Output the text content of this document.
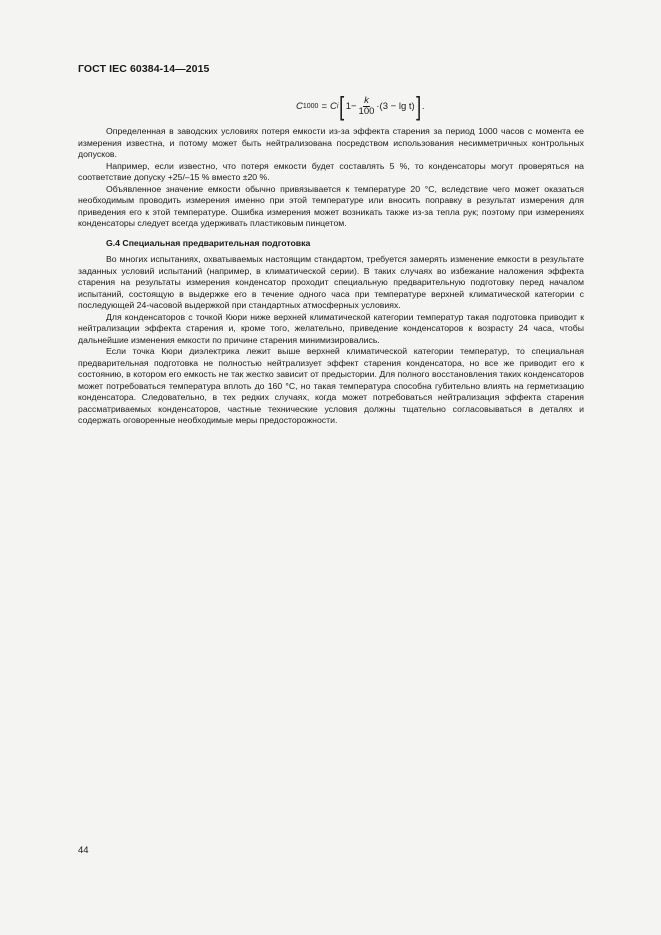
ГОСТ IEC 60384-14—2015
C 1000 = C i [ $1- \frac{k}{100} \cdot(3 - \lg t)$ ] .

Определенная в заводских условиях потеря емкости из-за эффекта старения за период 1000 часов с момента ее измерения известна, и потому может быть нейтрализована посредством использования несимметричных контрольных допусков.

Например, если известно, что потеря емкости будет составлять 5 %, то конденсаторы могут проверяться на соответствие допуску +25/–15 % вместо ±20 %.

Объявленное значение емкости обычно привязывается к температуре 20 °С, вследствие чего может оказаться необходимым проводить измерения именно при этой температуре или вносить поправку в результат измерения для приведения его к этой температуре. Ошибка измерения может возникать также из-за тепла рук; поэтому при измерениях конденсаторы следует всегда удерживать пластиковым пинцетом.

G.4 Специальная предварительная подготовка

Во многих испытаниях, охватываемых настоящим стандартом, требуется замерять изменение емкости в результате заданных условий испытаний (например, в климатической серии). В таких случаях во избежание наложения эффекта старения на результаты измерения конденсатор проходит специальную предварительную подготовку перед началом испытаний, состоящую в выдержке его в течение одного часа при температуре верхней климатической категории с последующей 24-часовой выдержкой при стандартных атмосферных условиях.

Для конденсаторов с точкой Кюри ниже верхней климатической категории температур такая подготовка приводит к нейтрализации эффекта старения и, кроме того, желательно, приведение конденсаторов к возрасту 24 часа, чтобы дальнейшие изменения емкости по причине старения минимизировались.

Если точка Кюри диэлектрика лежит выше верхней климатической категории температур, то специальная предварительная подготовка не полностью нейтрализует эффект старения конденсатора, но все же приводит его к состоянию, в котором его емкость не так жестко зависит от предыстории. Для полного восстановления таких конденсаторов может потребоваться температура вплоть до 160 °С, но такая температура способна губительно влиять на герметизацию конденсатора. Следовательно, в тех редких случаях, когда может потребоваться нейтрализация эффекта старения рассматриваемых конденсаторов, частные технические условия должны тщательно согласовываться в деталях и содержать оговоренные необходимые меры предосторожности.

44
